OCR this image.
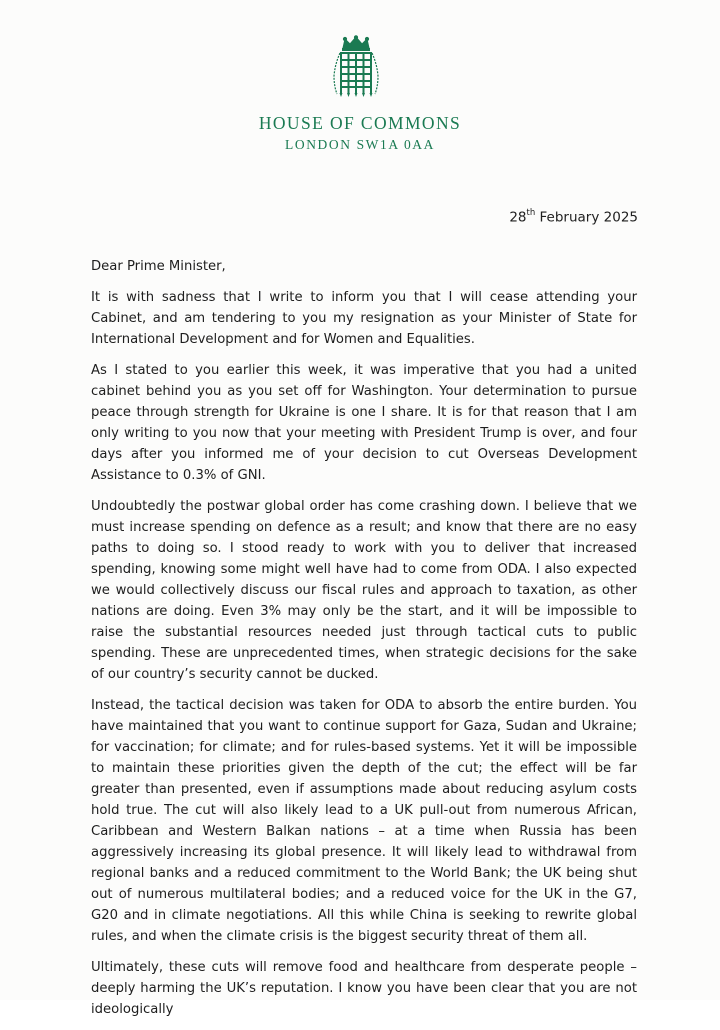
HOUSE OF COMMONS
LONDON SW1A 0AA
28th February 2025

Dear Prime Minister,

It is with sadness that I write to inform you that I will cease attending your Cabinet, and am tendering to you my resignation as your Minister of State for International Development and for Women and Equalities.

As I stated to you earlier this week, it was imperative that you had a united cabinet behind you as you set off for Washington. Your determination to pursue peace through strength for Ukraine is one I share. It is for that reason that I am only writing to you now that your meeting with President Trump is over, and four days after you informed me of your decision to cut Overseas Development Assistance to 0.3% of GNI.

Undoubtedly the postwar global order has come crashing down. I believe that we must increase spending on defence as a result; and know that there are no easy paths to doing so. I stood ready to work with you to deliver that increased spending, knowing some might well have had to come from ODA. I also expected we would collectively discuss our fiscal rules and approach to taxation, as other nations are doing. Even 3% may only be the start, and it will be impossible to raise the substantial resources needed just through tactical cuts to public spending. These are unprecedented times, when strategic decisions for the sake of our country’s security cannot be ducked.

Instead, the tactical decision was taken for ODA to absorb the entire burden. You have maintained that you want to continue support for Gaza, Sudan and Ukraine; for vaccination; for climate; and for rules-based systems. Yet it will be impossible to maintain these priorities given the depth of the cut; the effect will be far greater than presented, even if assumptions made about reducing asylum costs hold true. The cut will also likely lead to a UK pull-out from numerous African, Caribbean and Western Balkan nations – at a time when Russia has been aggressively increasing its global presence. It will likely lead to withdrawal from regional banks and a reduced commitment to the World Bank; the UK being shut out of numerous multilateral bodies; and a reduced voice for the UK in the G7, G20 and in climate negotiations. All this while China is seeking to rewrite global rules, and when the climate crisis is the biggest security threat of them all.

Ultimately, these cuts will remove food and healthcare from desperate people – deeply harming the UK’s reputation. I know you have been clear that you are not ideologically
